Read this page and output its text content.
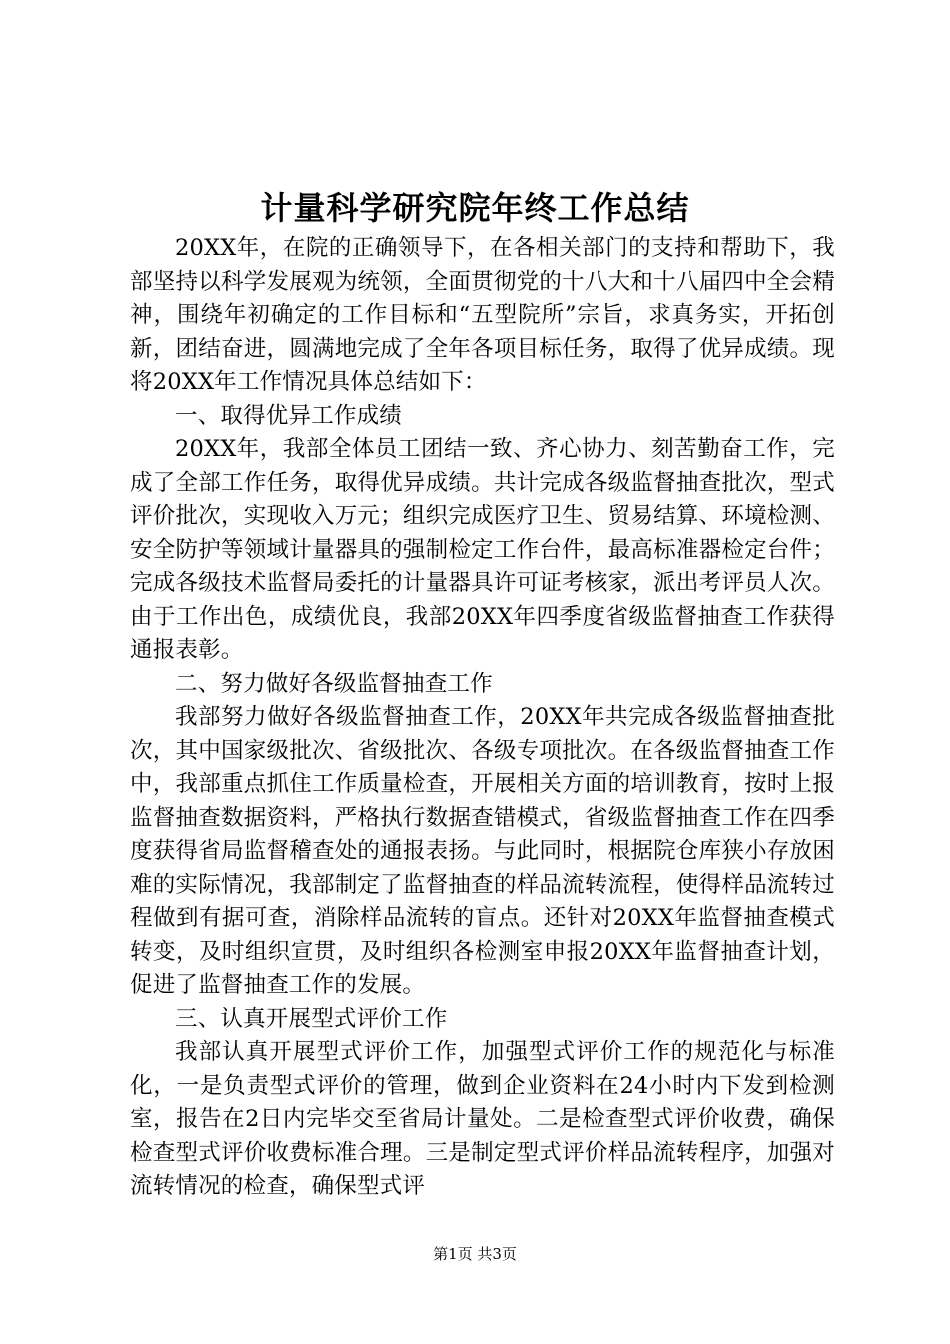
计量科学研究院年终工作总结

20XX年，在院的正确领导下，在各相关部门的支持和帮助下，我部坚持以科学发展观为统领，全面贯彻党的十八大和十八届四中全会精神，围绕年初确定的工作目标和“五型院所”宗旨，求真务实，开拓创新，团结奋进，圆满地完成了全年各项目标任务，取得了优异成绩。现将20XX年工作情况具体总结如下：

一、取得优异工作成绩

20XX年，我部全体员工团结一致、齐心协力、刻苦勤奋工作，完成了全部工作任务，取得优异成绩。共计完成各级监督抽查批次，型式评价批次，实现收入万元；组织完成医疗卫生、贸易结算、环境检测、安全防护等领域计量器具的强制检定工作台件，最高标准器检定台件；完成各级技术监督局委托的计量器具许可证考核家，派出考评员人次。由于工作出色，成绩优良，我部20XX年四季度省级监督抽查工作获得通报表彰。

二、努力做好各级监督抽查工作

我部努力做好各级监督抽查工作，20XX年共完成各级监督抽查批次，其中国家级批次、省级批次、各级专项批次。在各级监督抽查工作中，我部重点抓住工作质量检查，开展相关方面的培训教育，按时上报监督抽查数据资料，严格执行数据查错模式，省级监督抽查工作在四季度获得省局监督稽查处的通报表扬。与此同时，根据院仓库狭小存放困难的实际情况，我部制定了监督抽查的样品流转流程，使得样品流转过程做到有据可查，消除样品流转的盲点。还针对20XX年监督抽查模式转变，及时组织宣贯，及时组织各检测室申报20XX年监督抽查计划，促进了监督抽查工作的发展。

三、认真开展型式评价工作

我部认真开展型式评价工作，加强型式评价工作的规范化与标准化，一是负责型式评价的管理，做到企业资料在24小时内下发到检测室，报告在2日内完毕交至省局计量处。二是检查型式评价收费，确保检查型式评价收费标准合理。三是制定型式评价样品流转程序，加强对流转情况的检查，确保型式评

第1页 共3页
